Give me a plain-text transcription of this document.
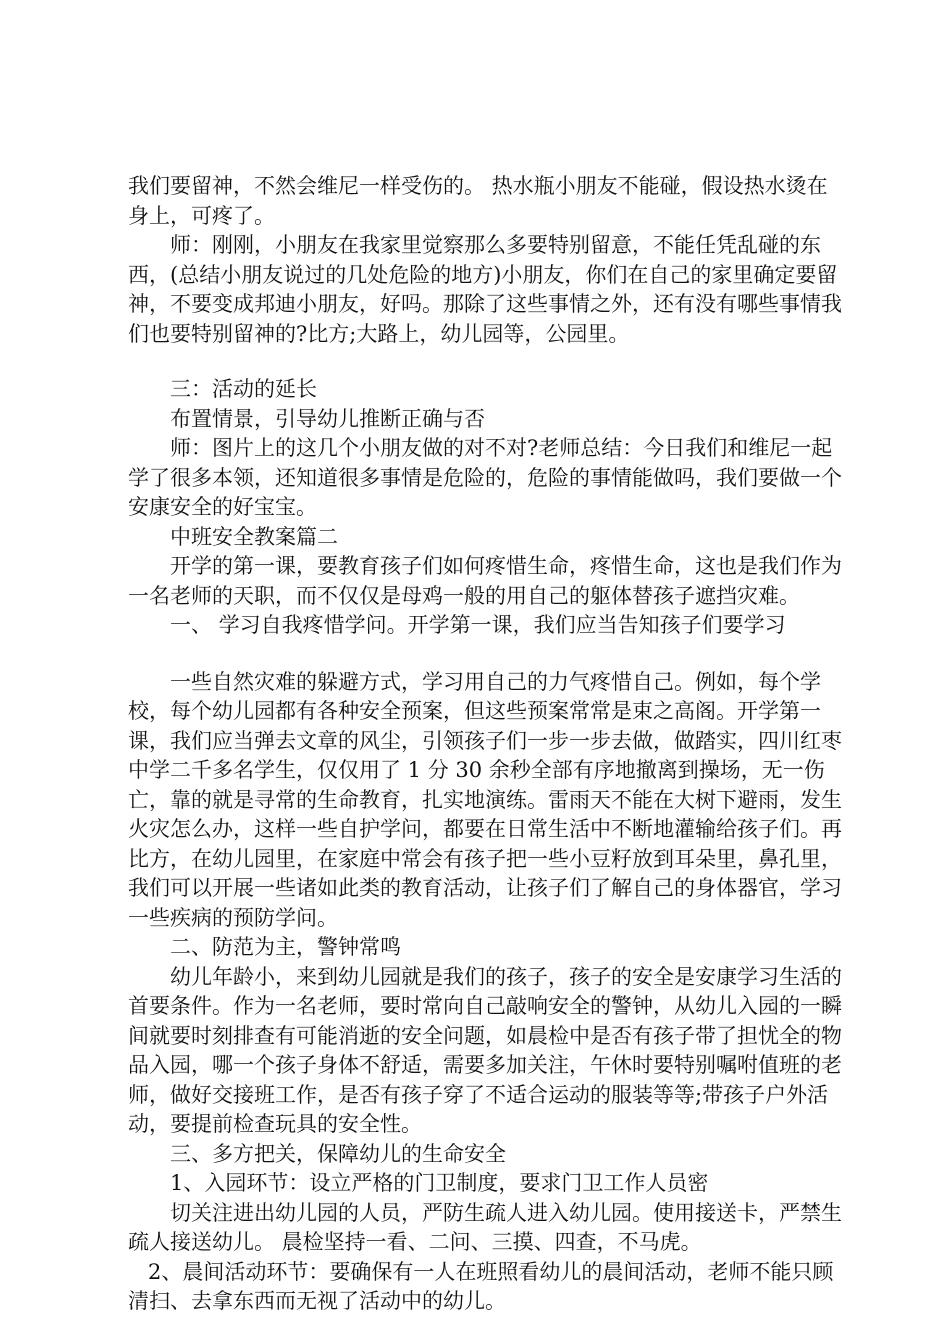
我们要留神，不然会维尼一样受伤的。 热水瓶小朋友不能碰，假设热水烫在身上，可疼了。

师：刚刚，小朋友在我家里觉察那么多要特别留意，不能任凭乱碰的东西，(总结小朋友说过的几处危险的地方)小朋友，你们在自己的家里确定要留神，不要变成邦迪小朋友，好吗。那除了这些事情之外，还有没有哪些事情我们也要特别留神的?比方;大路上，幼儿园等，公园里。

三：活动的延长

布置情景，引导幼儿推断正确与否

师：图片上的这几个小朋友做的对不对?老师总结：今日我们和维尼一起学了很多本领，还知道很多事情是危险的，危险的事情能做吗，我们要做一个安康安全的好宝宝。

中班安全教案篇二

开学的第一课，要教育孩子们如何疼惜生命，疼惜生命，这也是我们作为一名老师的天职，而不仅仅是母鸡一般的用自己的躯体替孩子遮挡灾难。

一、 学习自我疼惜学问。开学第一课，我们应当告知孩子们要学习

一些自然灾难的躲避方式，学习用自己的力气疼惜自己。例如，每个学校，每个幼儿园都有各种安全预案，但这些预案常常是束之高阁。开学第一课，我们应当弹去文章的风尘，引领孩子们一步一步去做，做踏实，四川红枣中学二千多名学生，仅仅用了 1 分 30 余秒全部有序地撤离到操场，无一伤亡，靠的就是寻常的生命教育，扎实地演练。雷雨天不能在大树下避雨，发生火灾怎么办，这样一些自护学问，都要在日常生活中不断地灌输给孩子们。再比方，在幼儿园里，在家庭中常会有孩子把一些小豆籽放到耳朵里，鼻孔里，我们可以开展一些诸如此类的教育活动，让孩子们了解自己的身体器官，学习一些疾病的预防学问。

二、防范为主，警钟常鸣

幼儿年龄小，来到幼儿园就是我们的孩子，孩子的安全是安康学习生活的首要条件。作为一名老师，要时常向自己敲响安全的警钟，从幼儿入园的一瞬间就要时刻排查有可能消逝的安全问题，如晨检中是否有孩子带了担忧全的物品入园，哪一个孩子身体不舒适，需要多加关注，午休时要特别嘱咐值班的老师，做好交接班工作，是否有孩子穿了不适合运动的服装等等;带孩子户外活动，要提前检查玩具的安全性。

三、多方把关，保障幼儿的生命安全

1、入园环节：设立严格的门卫制度，要求门卫工作人员密

切关注进出幼儿园的人员，严防生疏人进入幼儿园。使用接送卡，严禁生疏人接送幼儿。 晨检坚持一看、二问、三摸、四查，不马虎。

2、晨间活动环节：要确保有一人在班照看幼儿的晨间活动，老师不能只顾清扫、去拿东西而无视了活动中的幼儿。
